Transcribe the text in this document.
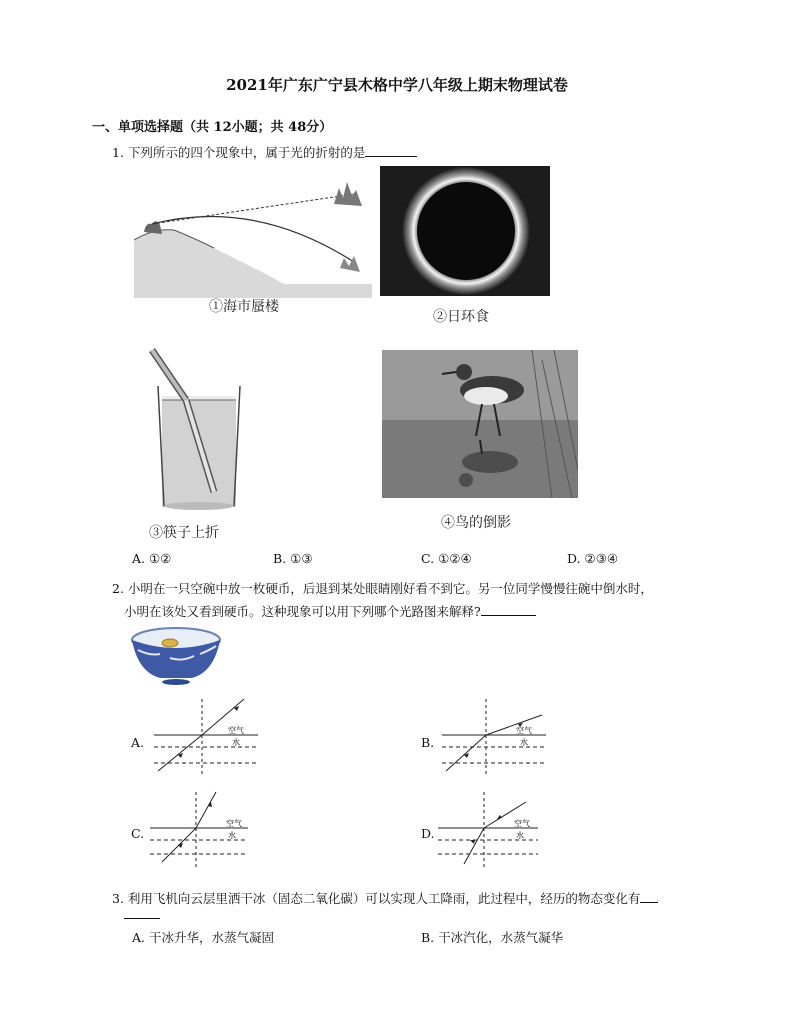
2021年广东广宁县木格中学八年级上期末物理试卷
一、单项选择题（共 12小题；共 48分）
1. 下列所示的四个现象中，属于光的折射的是
①海市蜃楼
②日环食
③筷子上折
④鸟的倒影
A. ①②	B. ①③	C. ①②④	D. ②③④
2. 小明在一只空碗中放一枚硬币，后退到某处眼睛刚好看不到它。另一位同学慢慢往碗中倒水时，
小明在该处又看到硬币。这种现象可以用下列哪个光路图来解释?
A.
空气
水	B.
空气
水
C.
空气
水	D.
空气
水
3. 利用飞机向云层里洒干冰（固态二氧化碳）可以实现人工降雨，此过程中，经历的物态变化有
A. 干冰升华，水蒸气凝固	B. 干冰汽化，水蒸气凝华
